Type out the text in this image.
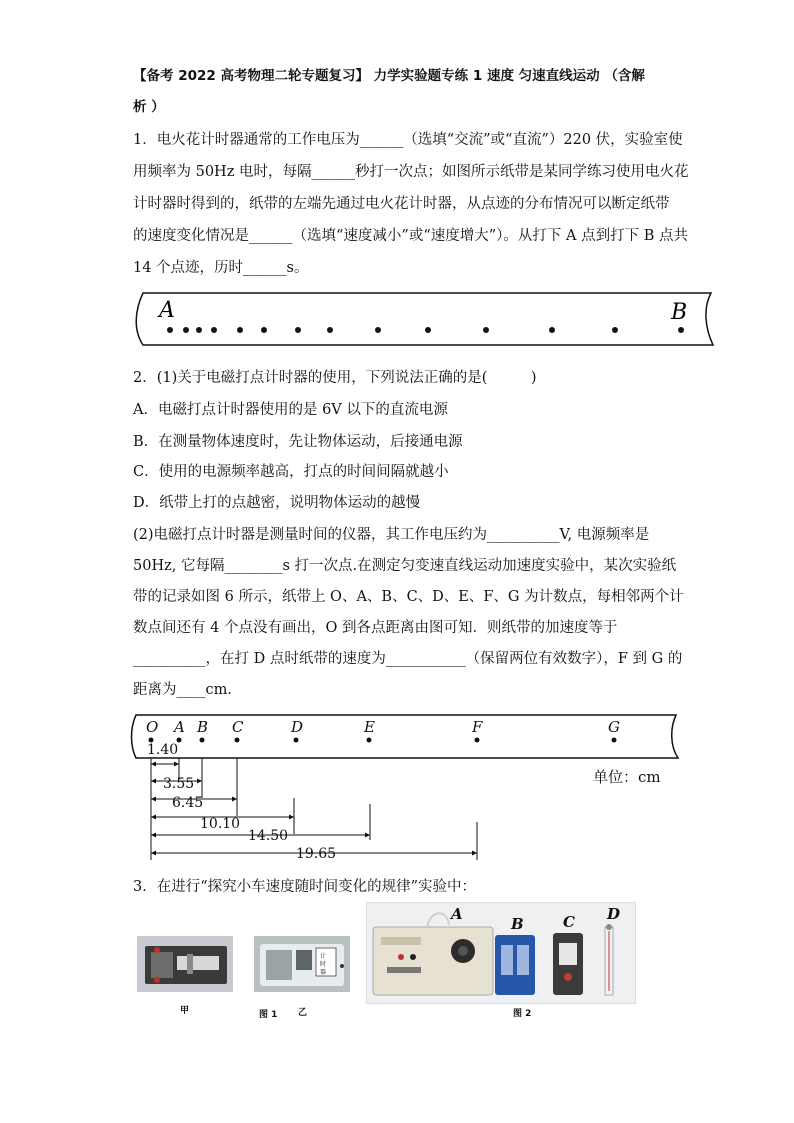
【备考 2022 高考物理二轮专题复习】 力学实验题专练 1 速度 匀速直线运动 （含解
析 ）
1．电火花计时器通常的工作电压为______（选填“交流”或“直流”）220 伏，实验室使
用频率为 50Hz 电时，每隔______秒打一次点；如图所示纸带是某同学练习使用电火花
计时器时得到的，纸带的左端先通过电火花计时器，从点迹的分布情况可以断定纸带
的速度变化情况是______（选填“速度减小”或“速度增大”）。从打下 A 点到打下 B 点共
14 个点迹，历时______s。
A	B
2．(1)关于电磁打点计时器的使用，下列说法正确的是(　　　)
A．电磁打点计时器使用的是 6V 以下的直流电源
B．在测量物体速度时，先让物体运动，后接通电源
C．使用的电源频率越高，打点的时间间隔就越小
D．纸带上打的点越密，说明物体运动的越慢
(2)电磁打点计时器是测量时间的仪器，其工作电压约为__________V, 电源频率是
50Hz, 它每隔________s 打一次点.在测定匀变速直线运动加速度实验中，某次实验纸
带的记录如图 6 所示，纸带上 O、A、B、C、D、E、F、G 为计数点，每相邻两个计
数点间还有 4 个点没有画出，O 到各点距离由图可知．则纸带的加速度等于
__________，在打 D 点时纸带的速度为___________（保留两位有效数字），F 到 G 的
距离为____cm．
O A B C	D	E	F	G
1.40
3.55
6.45
10.10
14.50
19.65
单位：cm
3．在进行“探究小车速度随时间变化的规律”实验中：
计
时
器
甲	图 1 乙
A
B	C D
图 2
